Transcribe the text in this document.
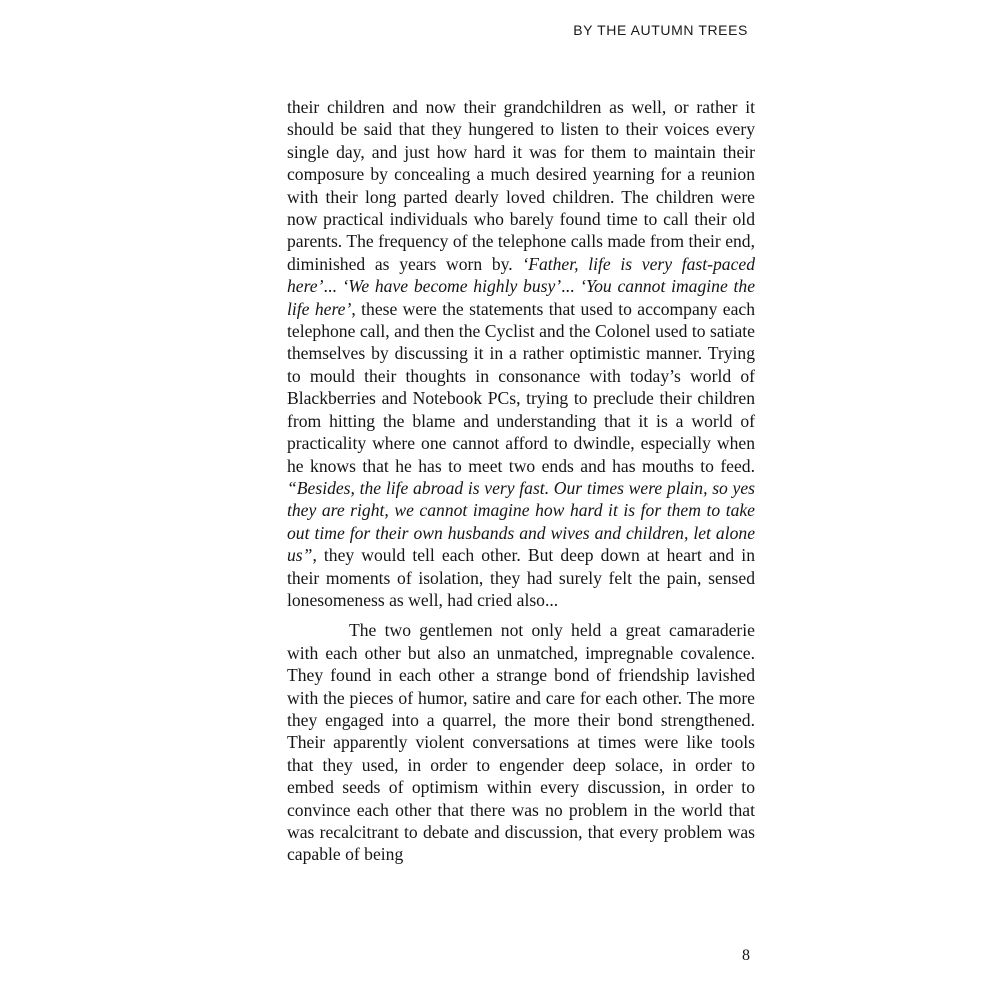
BY THE AUTUMN TREES

their children and now their grandchildren as well, or rather it should be said that they hungered to listen to their voices every single day, and just how hard it was for them to maintain their composure by concealing a much desired yearning for a reunion with their long parted dearly loved children. The children were now practical individuals who barely found time to call their old parents. The frequency of the telephone calls made from their end, diminished as years worn by. ‘Father, life is very fast-paced here’... ‘We have become highly busy’... ‘You cannot imagine the life here’, these were the statements that used to accompany each telephone call, and then the Cyclist and the Colonel used to satiate themselves by discussing it in a rather optimistic manner. Trying to mould their thoughts in consonance with today’s world of Blackberries and Notebook PCs, trying to preclude their children from hitting the blame and understanding that it is a world of practicality where one cannot afford to dwindle, especially when he knows that he has to meet two ends and has mouths to feed. “Besides, the life abroad is very fast. Our times were plain, so yes they are right, we cannot imagine how hard it is for them to take out time for their own husbands and wives and children, let alone us”, they would tell each other. But deep down at heart and in their moments of isolation, they had surely felt the pain, sensed lonesomeness as well, had cried also...

The two gentlemen not only held a great camaraderie with each other but also an unmatched, impregnable covalence. They found in each other a strange bond of friendship lavished with the pieces of humor, satire and care for each other. The more they engaged into a quarrel, the more their bond strengthened. Their apparently violent conversations at times were like tools that they used, in order to engender deep solace, in order to embed seeds of optimism within every discussion, in order to convince each other that there was no problem in the world that was recalcitrant to debate and discussion, that every problem was capable of being

8
